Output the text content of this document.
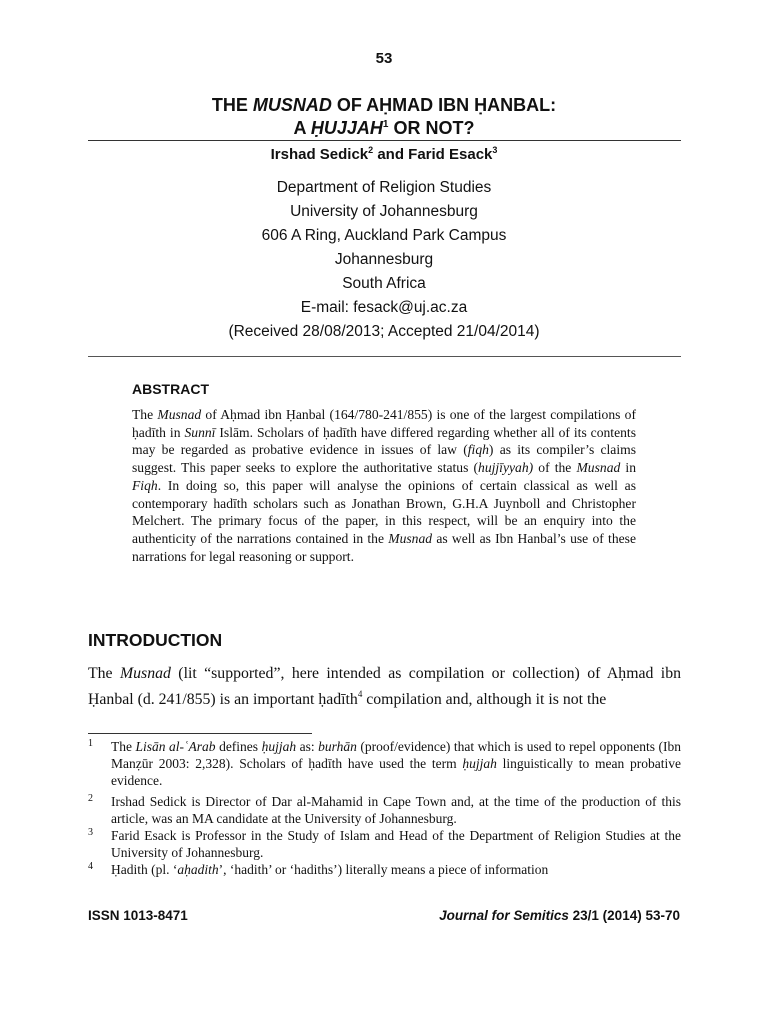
53
THE MUSNAD OF AḤMAD IBN ḤANBAL:
A ḤUJJAH$^1$ OR NOT?
Irshad Sedick$^2$ and Farid Esack$^3$
Department of Religion Studies
University of Johannesburg
606 A Ring, Auckland Park Campus
Johannesburg
South Africa
E-mail: fesack@uj.ac.za
(Received 28/08/2013; Accepted 21/04/2014)
ABSTRACT
The Musnad of Aḥmad ibn Ḥanbal (164/780-241/855) is one of the largest compilations of ḥadīth in Sunnī Islām. Scholars of ḥadīth have differed regarding whether all of its contents may be regarded as probative evidence in issues of law (fiqh) as its compiler’s claims suggest. This paper seeks to explore the authoritative status (hujjīyyah) of the Musnad in Fiqh. In doing so, this paper will analyse the opinions of certain classical as well as contemporary hadīth scholars such as Jonathan Brown, G.H.A Juynboll and Christopher Melchert. The primary focus of the paper, in this respect, will be an enquiry into the authenticity of the narrations contained in the Musnad as well as Ibn Hanbal’s use of these narrations for legal reasoning or support.
INTRODUCTION
The Musnad (lit “supported”, here intended as compilation or collection) of Aḥmad ibn Ḥanbal (d. 241/855) is an important ḥadīth$^4$ compilation and, although it is not the
1 The Lisān al-ʿArab defines ḥujjah as: burhān (proof/evidence) that which is used to repel opponents (Ibn Manẓūr 2003: 2,328). Scholars of ḥadīth have used the term ḥujjah linguistically to mean probative evidence.
2 Irshad Sedick is Director of Dar al-Mahamid in Cape Town and, at the time of the production of this article, was an MA candidate at the University of Johannesburg.
3 Farid Esack is Professor in the Study of Islam and Head of the Department of Religion Studies at the University of Johannesburg.
4 Ḥadith (pl. ‘aḥadith’, ‘hadith’ or ‘hadiths’) literally means a piece of information
ISSN 1013-8471	Journal for Semitics 23/1 (2014) 53-70
